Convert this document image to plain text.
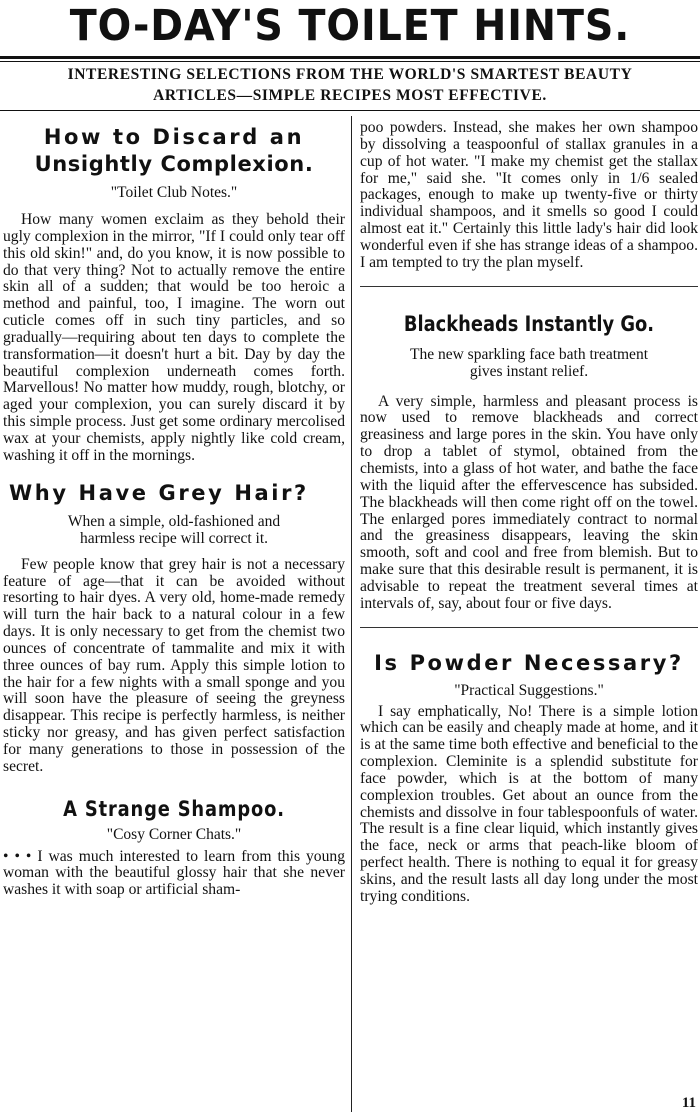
TO-DAY'S TOILET HINTS.
INTERESTING SELECTIONS FROM THE WORLD'S SMARTEST BEAUTY
ARTICLES—SIMPLE RECIPES MOST EFFECTIVE.
How to Discard an
Unsightly Complexion.

"Toilet Club Notes."

How many women exclaim as they behold their ugly complexion in the mirror, "If I could only tear off this old skin!" and, do you know, it is now possible to do that very thing? Not to actually remove the entire skin all of a sudden; that would be too heroic a method and painful, too, I imagine. The worn out cuticle comes off in such tiny particles, and so gradually—requiring about ten days to complete the transformation—it doesn't hurt a bit. Day by day the beautiful complexion underneath comes forth. Marvellous! No matter how muddy, rough, blotchy, or aged your complexion, you can surely discard it by this simple process. Just get some ordinary mercolised wax at your chemists, apply nightly like cold cream, washing it off in the mornings.

Why Have Grey Hair?

When a simple, old-fashioned and
harmless recipe will correct it.

Few people know that grey hair is not a necessary feature of age—that it can be avoided without resorting to hair dyes. A very old, home-made remedy will turn the hair back to a natural colour in a few days. It is only necessary to get from the chemist two ounces of concentrate of tammalite and mix it with three ounces of bay rum. Apply this simple lotion to the hair for a few nights with a small sponge and you will soon have the pleasure of seeing the greyness disappear. This recipe is perfectly harmless, is neither sticky nor greasy, and has given perfect satisfaction for many generations to those in possession of the secret.

A Strange Shampoo.

"Cosy Corner Chats."

• • • I was much interested to learn from this young woman with the beautiful glossy hair that she never washes it with soap or artificial sham-

poo powders. Instead, she makes her own shampoo by dissolving a teaspoonful of stallax granules in a cup of hot water. "I make my chemist get the stallax for me," said she. "It comes only in 1/6 sealed packages, enough to make up twenty-five or thirty individual shampoos, and it smells so good I could almost eat it." Certainly this little lady's hair did look wonderful even if she has strange ideas of a shampoo. I am tempted to try the plan myself.

Blackheads Instantly Go.

The new sparkling face bath treatment
gives instant relief.

A very simple, harmless and pleasant process is now used to remove blackheads and correct greasiness and large pores in the skin. You have only to drop a tablet of stymol, obtained from the chemists, into a glass of hot water, and bathe the face with the liquid after the effervescence has subsided. The blackheads will then come right off on the towel. The enlarged pores immediately contract to normal and the greasiness disappears, leaving the skin smooth, soft and cool and free from blemish. But to make sure that this desirable result is permanent, it is advisable to repeat the treatment several times at intervals of, say, about four or five days.

Is Powder Necessary?

"Practical Suggestions."

I say emphatically, No! There is a simple lotion which can be easily and cheaply made at home, and it is at the same time both effective and beneficial to the complexion. Cleminite is a splendid substitute for face powder, which is at the bottom of many complexion troubles. Get about an ounce from the chemists and dissolve in four tablespoonfuls of water. The result is a fine clear liquid, which instantly gives the face, neck or arms that peach-like bloom of perfect health. There is nothing to equal it for greasy skins, and the result lasts all day long under the most trying conditions.

11
